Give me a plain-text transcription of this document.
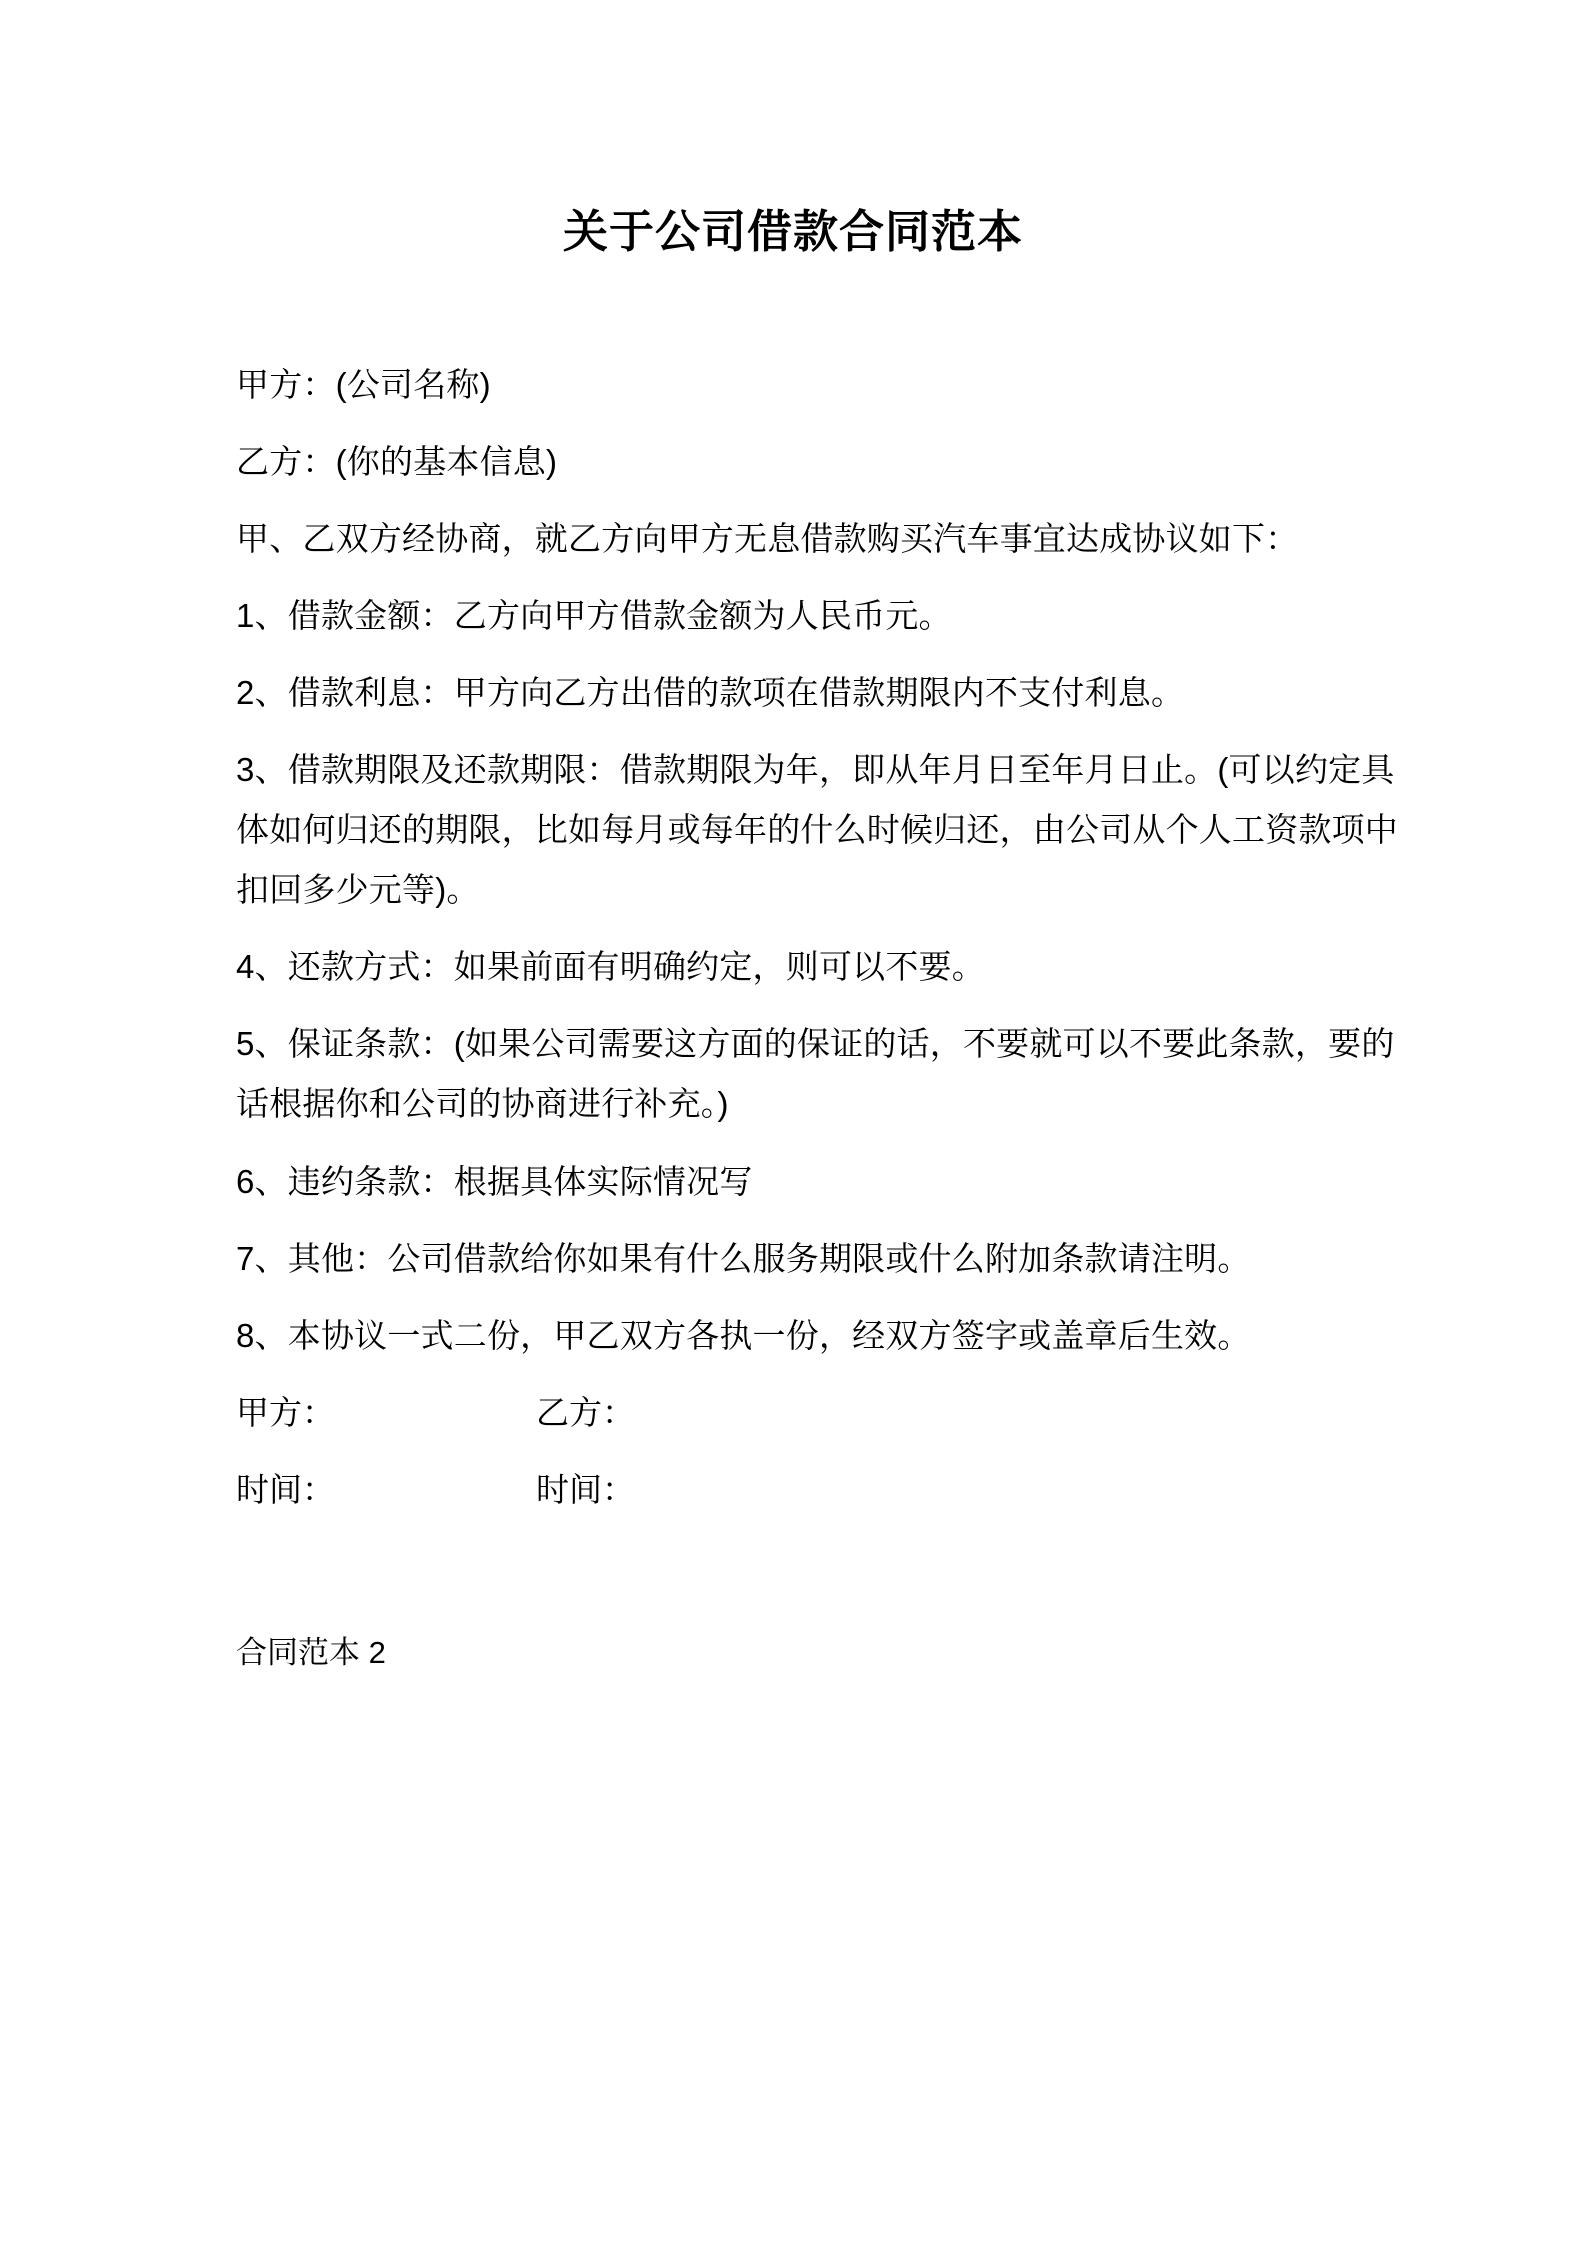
关于公司借款合同范本

甲方：(公司名称)

乙方：(你的基本信息)

甲、乙双方经协商，就乙方向甲方无息借款购买汽车事宜达成协议如下：

1、借款金额：乙方向甲方借款金额为人民币元。

2、借款利息：甲方向乙方出借的款项在借款期限内不支付利息。

3、借款期限及还款期限：借款期限为年，即从年月日至年月日止。(可以约定具体如何归还的期限，比如每月或每年的什么时候归还，由公司从个人工资款项中扣回多少元等)。

4、还款方式：如果前面有明确约定，则可以不要。

5、保证条款：(如果公司需要这方面的保证的话，不要就可以不要此条款，要的话根据你和公司的协商进行补充。)

6、违约条款：根据具体实际情况写

7、其他：公司借款给你如果有什么服务期限或什么附加条款请注明。

8、本协议一式二份，甲乙双方各执一份，经双方签字或盖章后生效。

甲方：	乙方：
时间：	时间：

合同范本 2
